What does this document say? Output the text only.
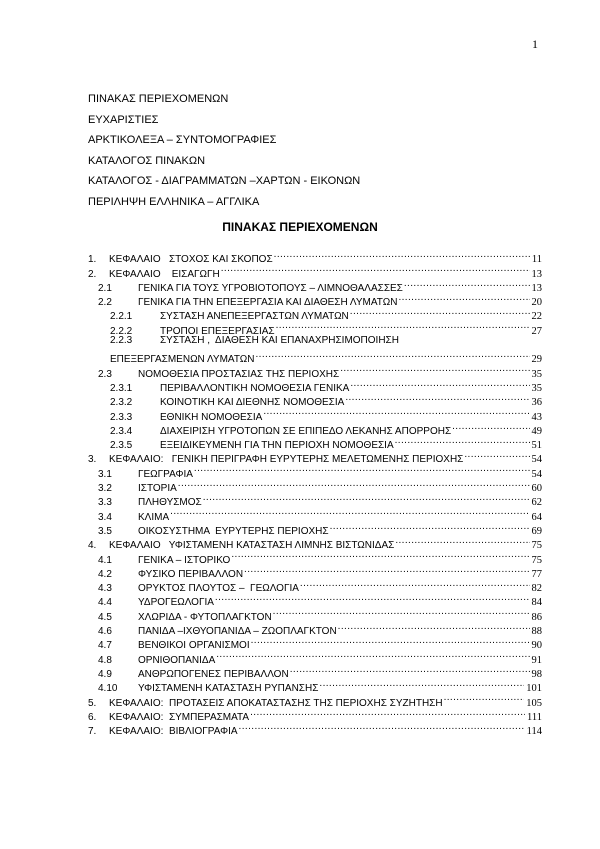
1
ΠΙΝΑΚΑΣ ΠΕΡΙΕΧΟΜΕΝΩΝ
ΕΥΧΑΡΙΣΤΙΕΣ
ΑΡΚΤΙΚΟΛΕΞΑ – ΣΥΝΤΟΜΟΓΡΑΦΙΕΣ
ΚΑΤΑΛΟΓΟΣ ΠΙΝΑΚΩΝ
ΚΑΤΑΛΟΓΟΣ - ΔΙΑΓΡΑΜΜΑΤΩΝ –ΧΑΡΤΩΝ - ΕΙΚΟΝΩΝ
ΠΕΡΙΛΗΨΗ ΕΛΛΗΝΙΚΑ – ΑΓΓΛΙΚΑ
ΠΙΝΑΚΑΣ ΠΕΡΙΕΧΟΜΕΝΩΝ
1.	ΚΕΦΑΛΑΙΟ   ΣΤΟΧΟΣ ΚΑΙ ΣΚΟΠΟΣ .....	11
2.	ΚΕΦΑΛΑΙΟ    ΕΙΣΑΓΩΓΗ .....	13
2.1	ΓΕΝΙΚΑ ΓΙΑ ΤΟΥΣ ΥΓΡΟΒΙΟΤΟΠΟΥΣ – ΛΙΜΝΟΘΑΛΑΣΣΕΣ .....	13
2.2	ΓΕΝΙΚΑ ΓΙΑ ΤΗΝ ΕΠΕΞΕΡΓΑΣΙΑ ΚΑΙ ΔΙΑΘΕΣΗ ΛΥΜΑΤΩΝ .....	20
2.2.1	ΣΥΣΤΑΣΗ ΑΝΕΠΕΞΕΡΓΑΣΤΩΝ ΛΥΜΑΤΩΝ .....	22
2.2.2	ΤΡΟΠΟΙ ΕΠΕΞΕΡΓΑΣΙΑΣ .....	27
2.2.3	ΣΥΣΤΑΣΗ ,  ΔΙΑΘΕΣΗ ΚΑΙ ΕΠΑΝΑΧΡΗΣΙΜΟΠΟΙΗΣΗ
ΕΠΕΞΕΡΓΑΣΜΕΝΩΝ ΛΥΜΑΤΩΝ .....	29
2.3	ΝΟΜΟΘΕΣΙΑ ΠΡΟΣΤΑΣΙΑΣ ΤΗΣ ΠΕΡΙΟΧΗΣ .....	35
2.3.1	ΠΕΡΙΒΑΛΛΟΝΤΙΚΗ ΝΟΜΟΘΕΣΙΑ ΓΕΝΙΚΑ .....	35
2.3.2	ΚΟΙΝΟΤΙΚΗ ΚΑΙ ΔΙΕΘΝΗΣ ΝΟΜΟΘΕΣΙΑ .....	36
2.3.3	ΕΘΝΙΚΗ ΝΟΜΟΘΕΣΙΑ .....	43
2.3.4	ΔΙΑΧΕΙΡΙΣΗ ΥΓΡΟΤΟΠΩΝ ΣΕ ΕΠΙΠΕΔΟ ΛΕΚΑΝΗΣ ΑΠΟΡΡΟΗΣ .....	49
2.3.5	ΕΞΕΙΔΙΚΕΥΜΕΝΗ ΓΙΑ ΤΗΝ ΠΕΡΙΟΧΗ ΝΟΜΟΘΕΣΙΑ .....	51
3.	ΚΕΦΑΛΑΙΟ:   ΓΕΝΙΚΗ ΠΕΡΙΓΡΑΦΗ ΕΥΡΥΤΕΡΗΣ ΜΕΛΕΤΩΜΕΝΗΣ ΠΕΡΙΟΧΗΣ .....	54
3.1	ΓΕΩΓΡΑΦΙΑ .....	54
3.2	ΙΣΤΟΡΙΑ .....	60
3.3	ΠΛΗΘΥΣΜΟΣ .....	62
3.4	ΚΛΙΜΑ .....	64
3.5	ΟΙΚΟΣΥΣΤΗΜΑ  ΕΥΡΥΤΕΡΗΣ ΠΕΡΙΟΧΗΣ .....	69
4.	ΚΕΦΑΛΑΙΟ   ΥΦΙΣΤΑΜΕΝΗ ΚΑΤΑΣΤΑΣΗ ΛΙΜΝΗΣ ΒΙΣΤΩΝΙΔΑΣ .....	75
4.1	ΓΕΝΙΚΑ – ΙΣΤΟΡΙΚΟ .....	75
4.2	ΦΥΣΙΚΟ ΠΕΡΙΒΑΛΛΟΝ .....	77
4.3	ΟΡΥΚΤΟΣ ΠΛΟΥΤΟΣ –  ΓΕΩΛΟΓΙΑ .....	82
4.4	ΥΔΡΟΓΕΩΛΟΓΙΑ .....	84
4.5	ΧΛΩΡΙΔΑ - ΦΥΤΟΠΛΑΓΚΤΟΝ .....	86
4.6	ΠΑΝΙΔΑ –ΙΧΘΥΟΠΑΝΙΔΑ – ΖΩΟΠΛΑΓΚΤΟΝ .....	88
4.7	ΒΕΝΘΙΚΟΙ ΟΡΓΑΝΙΣΜΟΙ .....	90
4.8	ΟΡΝΙΘΟΠΑΝΙΔΑ .....	91
4.9	ΑΝΘΡΩΠΟΓΕΝΕΣ ΠΕΡΙΒΑΛΛΟΝ .....	98
4.10	ΥΦΙΣΤΑΜΕΝΗ ΚΑΤΑΣΤΑΣΗ ΡΥΠΑΝΣΗΣ .....	101
5.	ΚΕΦΑΛΑΙΟ:  ΠΡΟΤΑΣΕΙΣ ΑΠΟΚΑΤΑΣΤΑΣΗΣ ΤΗΣ ΠΕΡΙΟΧΗΣ ΣΥΖΗΤΗΣΗ .....	105
6.	ΚΕΦΑΛΑΙΟ:  ΣΥΜΠΕΡΑΣΜΑΤΑ .....	111
7.	ΚΕΦΑΛΑΙΟ:  ΒΙΒΛΙΟΓΡΑΦΙΑ .....	114
